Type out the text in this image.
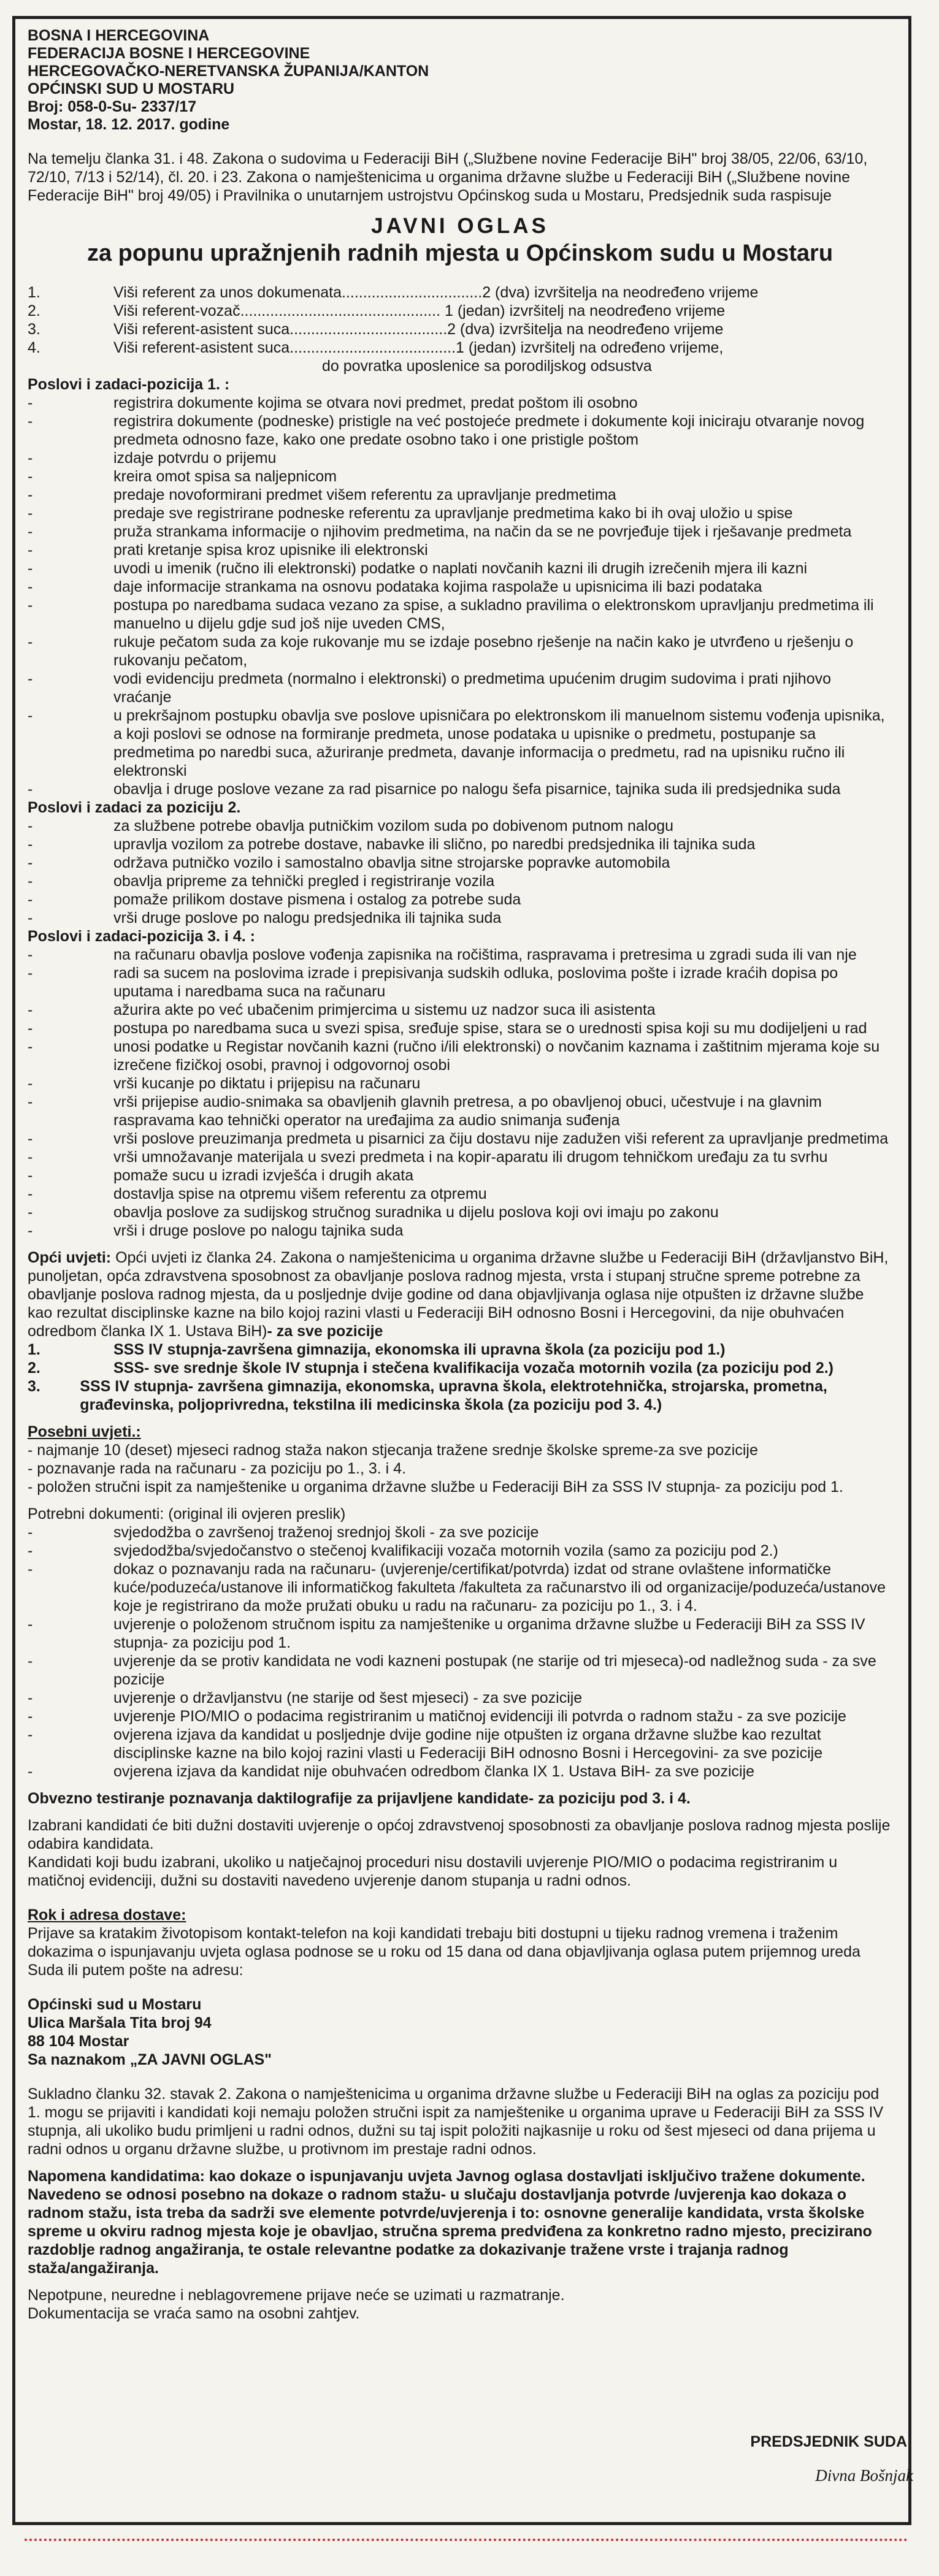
BOSNA I HERCEGOVINA

FEDERACIJA BOSNE I HERCEGOVINE

HERCEGOVAČKO-NERETVANSKA ŽUPANIJA/KANTON

OPĆINSKI SUD U MOSTARU

Broj: 058-0-Su- 2337/17

Mostar, 18. 12. 2017. godine

Na temelju članka 31. i 48. Zakona o sudovima u Federaciji BiH („Službene novine Federacije BiH" broj 38/05, 22/06, 63/10, 72/10, 7/13 i 52/14), čl. 20. i 23. Zakona o namještenicima u organima državne službe u Federaciji BiH („Službene novine Federacije BiH" broj 49/05) i Pravilnika o unutarnjem ustrojstvu Općinskog suda u Mostaru, Predsjednik suda raspisuje

JAVNI OGLAS

za popunu upražnjenih radnih mjesta u Općinskom sudu u Mostaru

1.	Viši referent za unos dokumenata.................................2 (dva) izvršitelja na neodređeno vrijeme
2.	Viši referent-vozač............................................... 1 (jedan) izvršitelj na neodređeno vrijeme
3.	Viši referent-asistent suca.....................................2 (dva) izvršitelja na neodređeno vrijeme
4.	Viši referent-asistent suca.......................................1 (jedan) izvršitelj na određeno vrijeme,
do povratka uposlenice sa porodiljskog odsustva

Poslovi i zadaci-pozicija 1. :

-	registrira dokumente kojima se otvara novi predmet, predat poštom ili osobno
-	registrira dokumente (podneske) pristigle na već postojeće predmete i dokumente koji iniciraju otvaranje novog predmeta odnosno faze, kako one predate osobno tako i one pristigle poštom
-	izdaje potvrdu o prijemu
-	kreira omot spisa sa naljepnicom
-	predaje novoformirani predmet višem referentu za upravljanje predmetima
-	predaje sve registrirane podneske referentu za upravljanje predmetima kako bi ih ovaj uložio u spise
-	pruža strankama informacije o njihovim predmetima, na način da se ne povrjeđuje tijek i rješavanje predmeta
-	prati kretanje spisa kroz upisnike ili elektronski
-	uvodi u imenik (ručno ili elektronski) podatke o naplati novčanih kazni ili drugih izrečenih mjera ili kazni
-	daje informacije strankama na osnovu podataka kojima raspolaže u upisnicima ili bazi podataka
-	postupa po naredbama sudaca vezano za spise, a sukladno pravilima o elektronskom upravljanju predmetima ili manuelno u dijelu gdje sud još nije uveden CMS,
-	rukuje pečatom suda za koje rukovanje mu se izdaje posebno rješenje na način kako je utvrđeno u rješenju o rukovanju pečatom,
-	vodi evidenciju predmeta (normalno i elektronski) o predmetima upućenim drugim sudovima i prati njihovo vraćanje
-	u prekršajnom postupku obavlja sve poslove upisničara po elektronskom ili manuelnom sistemu vođenja upisnika, a koji poslovi se odnose na formiranje predmeta, unose podataka u upisnike o predmetu, postupanje sa predmetima po naredbi suca, ažuriranje predmeta, davanje informacija o predmetu, rad na upisniku ručno ili elektronski
-	obavlja i druge poslove vezane za rad pisarnice po nalogu šefa pisarnice, tajnika suda ili predsjednika suda

Poslovi i zadaci za poziciju 2.

-	za službene potrebe obavlja putničkim vozilom suda po dobivenom putnom nalogu
-	upravlja vozilom za potrebe dostave, nabavke ili slično, po naredbi predsjednika ili tajnika suda
-	održava putničko vozilo i samostalno obavlja sitne strojarske popravke automobila
-	obavlja pripreme za tehnički pregled i registriranje vozila
-	pomaže prilikom dostave pismena i ostalog za potrebe suda
-	vrši druge poslove po nalogu predsjednika ili tajnika suda

Poslovi i zadaci-pozicija 3. i 4. :

-	na računaru obavlja poslove vođenja zapisnika na ročištima, raspravama i pretresima u zgradi suda ili van nje
-	radi sa sucem na poslovima izrade i prepisivanja sudskih odluka, poslovima pošte i izrade kraćih dopisa po uputama i naredbama suca na računaru
-	ažurira akte po već ubačenim primjercima u sistemu uz nadzor suca ili asistenta
-	postupa po naredbama suca u svezi spisa, sređuje spise, stara se o urednosti spisa koji su mu dodijeljeni u rad
-	unosi podatke u Registar novčanih kazni (ručno i/ili elektronski) o novčanim kaznama i zaštitnim mjerama koje su izrečene fizičkoj osobi, pravnoj i odgovornoj osobi
-	vrši kucanje po diktatu i prijepisu na računaru
-	vrši prijepise audio-snimaka sa obavljenih glavnih pretresa, a po obavljenoj obuci, učestvuje i na glavnim raspravama kao tehnički operator na uređajima za audio snimanja suđenja
-	vrši poslove preuzimanja predmeta u pisarnici za čiju dostavu nije zadužen viši referent za upravljanje predmetima
-	vrši umnožavanje materijala u svezi predmeta i na kopir-aparatu ili drugom tehničkom uređaju za tu svrhu
-	pomaže sucu u izradi izvješća i drugih akata
-	dostavlja spise na otpremu višem referentu za otpremu
-	obavlja poslove za sudijskog stručnog suradnika u dijelu poslova koji ovi imaju po zakonu
-	vrši i druge poslove po nalogu tajnika suda

Opći uvjeti: Opći uvjeti iz članka 24. Zakona o namještenicima u organima državne službe u Federaciji BiH (državljanstvo BiH, punoljetan, opća zdravstvena sposobnost za obavljanje poslova radnog mjesta, vrsta i stupanj stručne spreme potrebne za obavljanje poslova radnog mjesta, da u posljednje dvije godine od dana objavljivanja oglasa nije otpušten iz državne službe kao rezultat disciplinske kazne na bilo kojoj razini vlasti u Federaciji BiH odnosno Bosni i Hercegovini, da nije obuhvaćen odredbom članka IX 1. Ustava BiH)- za sve pozicije

1.	SSS IV stupnja-završena gimnazija, ekonomska ili upravna škola (za poziciju pod 1.)
2.	SSS- sve srednje škole IV stupnja i stečena kvalifikacija vozača motornih vozila (za poziciju pod 2.)
3.	SSS IV stupnja- završena gimnazija, ekonomska, upravna škola, elektrotehnička, strojarska, prometna, građevinska, poljoprivredna, tekstilna ili medicinska škola (za poziciju pod 3. 4.)

Posebni uvjeti.:

- najmanje 10 (deset) mjeseci radnog staža nakon stjecanja tražene srednje školske spreme-za sve pozicije

- poznavanje rada na računaru - za poziciju po 1., 3. i 4.

- položen stručni ispit za namještenike u organima državne službe u Federaciji BiH za SSS IV stupnja- za poziciju pod 1.

Potrebni dokumenti: (original ili ovjeren preslik)

-	svjedodžba o završenoj traženoj srednjoj školi - za sve pozicije
-	svjedodžba/svjedočanstvo o stečenoj kvalifikaciji vozača motornih vozila (samo za poziciju pod 2.)
-	dokaz o poznavanju rada na računaru- (uvjerenje/certifikat/potvrda) izdat od strane ovlaštene informatičke kuće/poduzeća/ustanove ili informatičkog fakulteta /fakulteta za računarstvo ili od organizacije/poduzeća/ustanove koje je registrirano da može pružati obuku u radu na računaru- za poziciju po 1., 3. i 4.
-	uvjerenje o položenom stručnom ispitu za namještenike u organima državne službe u Federaciji BiH za SSS IV stupnja- za poziciju pod 1.
-	uvjerenje da se protiv kandidata ne vodi kazneni postupak (ne starije od tri mjeseca)-od nadležnog suda - za sve pozicije
-	uvjerenje o državljanstvu (ne starije od šest mjeseci) - za sve pozicije
-	uvjerenje PIO/MIO o podacima registriranim u matičnoj evidenciji ili potvrda o radnom stažu - za sve pozicije
-	ovjerena izjava da kandidat u posljednje dvije godine nije otpušten iz organa državne službe kao rezultat disciplinske kazne na bilo kojoj razini vlasti u Federaciji BiH odnosno Bosni i Hercegovini- za sve pozicije
-	ovjerena izjava da kandidat nije obuhvaćen odredbom članka IX 1. Ustava BiH- za sve pozicije

Obvezno testiranje poznavanja daktilografije za prijavljene kandidate- za poziciju pod 3. i 4.

Izabrani kandidati će biti dužni dostaviti uvjerenje o općoj zdravstvenoj sposobnosti za obavljanje poslova radnog mjesta poslije odabira kandidata.

Kandidati koji budu izabrani, ukoliko u natječajnoj proceduri nisu dostavili uvjerenje PIO/MIO o podacima registriranim u matičnoj evidenciji, dužni su dostaviti navedeno uvjerenje danom stupanja u radni odnos.

Rok i adresa dostave:

Prijave sa kratakim životopisom kontakt-telefon na koji kandidati trebaju biti dostupni u tijeku radnog vremena i traženim dokazima o ispunjavanju uvjeta oglasa podnose se u roku od 15 dana od dana objavljivanja oglasa putem prijemnog ureda Suda ili putem pošte na adresu:

Općinski sud u Mostaru

Ulica Maršala Tita broj 94

88 104 Mostar

Sa naznakom „ZA JAVNI OGLAS"

Sukladno članku 32. stavak 2. Zakona o namještenicima u organima državne službe u Federaciji BiH na oglas za poziciju pod 1. mogu se prijaviti i kandidati koji nemaju položen stručni ispit za namještenike u organima uprave u Federaciji BiH za SSS IV stupnja, ali ukoliko budu primljeni u radni odnos, dužni su taj ispit položiti najkasnije u roku od šest mjeseci od dana prijema u radni odnos u organu državne službe, u protivnom im prestaje radni odnos.

Napomena kandidatima: kao dokaze o ispunjavanju uvjeta Javnog oglasa dostavljati isključivo tražene dokumente. Navedeno se odnosi posebno na dokaze o radnom stažu- u slučaju dostavljanja potvrde /uvjerenja kao dokaza o radnom stažu, ista treba da sadrži sve elemente potvrde/uvjerenja i to: osnovne generalije kandidata, vrsta školske spreme u okviru radnog mjesta koje je obavljao, stručna sprema predviđena za konkretno radno mjesto, precizirano razdoblje radnog angažiranja, te ostale relevantne podatke za dokazivanje tražene vrste i trajanja radnog staža/angažiranja.

Nepotpune, neuredne i neblagovremene prijave neće se uzimati u razmatranje.

Dokumentacija se vraća samo na osobni zahtjev.

PREDSJEDNIK SUDA
Divna Bošnjak
